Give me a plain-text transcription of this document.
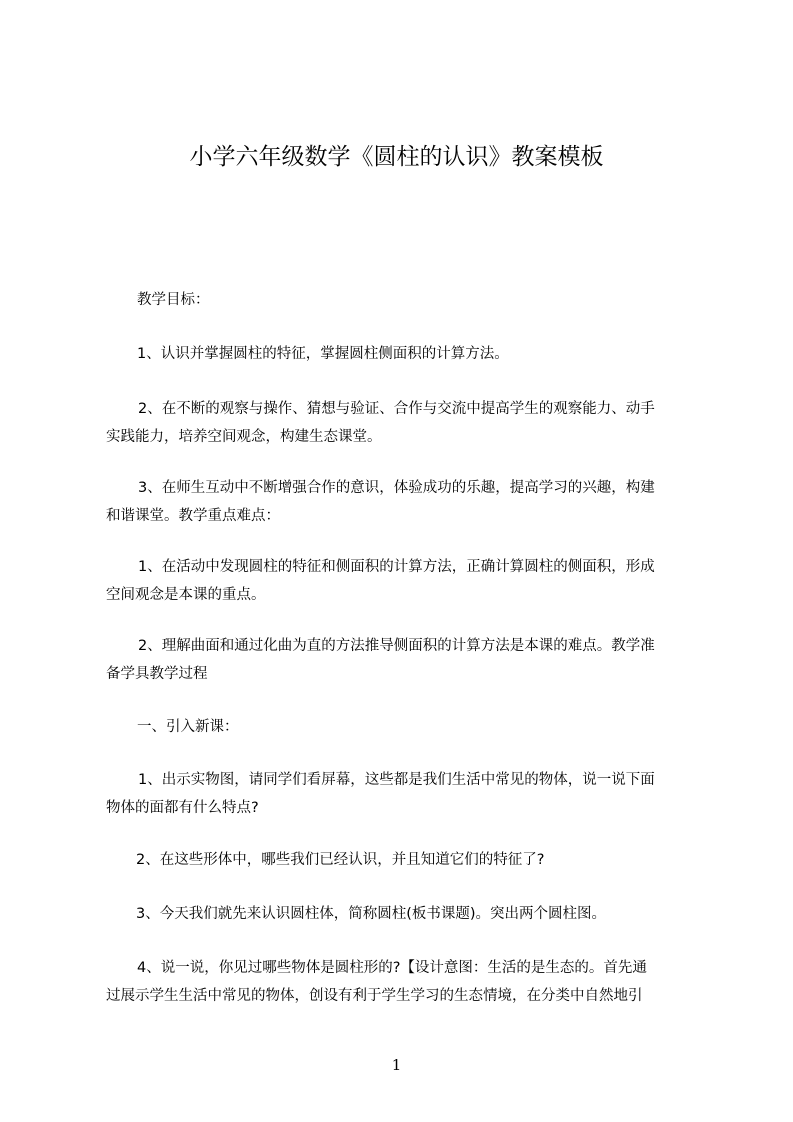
小学六年级数学《圆柱的认识》教案模板

教学目标：

1、认识并掌握圆柱的特征，掌握圆柱侧面积的计算方法。

2、在不断的观察与操作、猜想与验证、合作与交流中提高学生的观察能力、动手
实践能力，培养空间观念，构建生态课堂。

3、在师生互动中不断增强合作的意识，体验成功的乐趣，提高学习的兴趣，构建
和谐课堂。教学重点难点：

1、在活动中发现圆柱的特征和侧面积的计算方法，正确计算圆柱的侧面积，形成
空间观念是本课的重点。

2、理解曲面和通过化曲为直的方法推导侧面积的计算方法是本课的难点。教学准
备学具教学过程

一、引入新课：

1、出示实物图，请同学们看屏幕，这些都是我们生活中常见的物体，说一说下面
物体的面都有什么特点?

2、在这些形体中，哪些我们已经认识，并且知道它们的特征了?

3、今天我们就先来认识圆柱体，简称圆柱(板书课题)。突出两个圆柱图。

4、说一说，你见过哪些物体是圆柱形的?【设计意图：生活的是生态的。首先通
过展示学生生活中常见的物体，创设有利于学生学习的生态情境，在分类中自然地引

1
